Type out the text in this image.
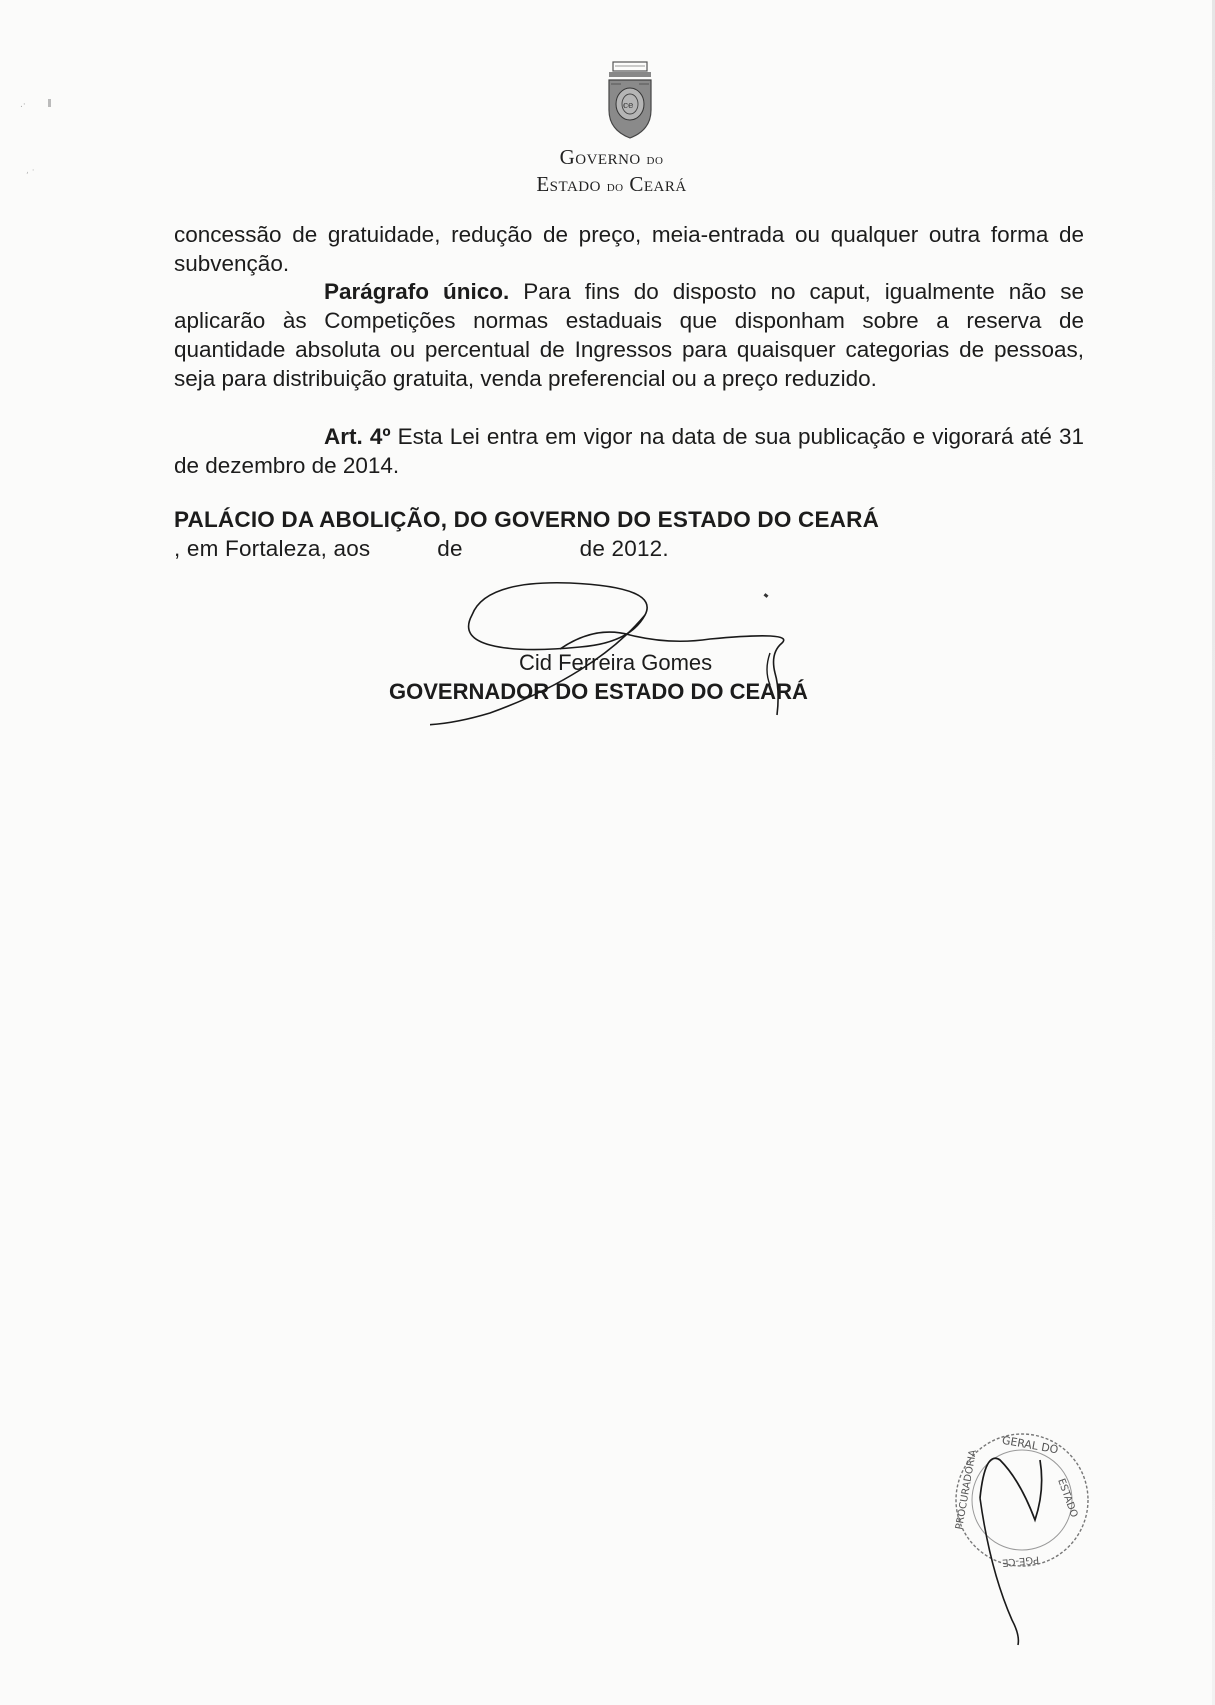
.·
, ·
ce
Governo do
Estado do Ceará
concessão de gratuidade, redução de preço, meia-entrada ou qualquer outra forma de subvenção.
Parágrafo único. Para fins do disposto no caput, igualmente não se aplicarão às Competições normas estaduais que disponham sobre a reserva de quantidade absoluta ou percentual de Ingressos para quaisquer categorias de pessoas, seja para distribuição gratuita, venda preferencial ou a preço reduzido.
Art. 4º Esta Lei entra em vigor na data de sua publicação e vigorará até 31 de dezembro de 2014.
PALÁCIO DA ABOLIÇÃO, DO GOVERNO DO ESTADO DO CEARÁ
, em Fortaleza, aos	de	de 2012.
Cid Ferreira Gomes
GOVERNADOR DO ESTADO DO CEARÁ
GERAL DO
ESTADO
PGE-CE
PROCURADORIA
